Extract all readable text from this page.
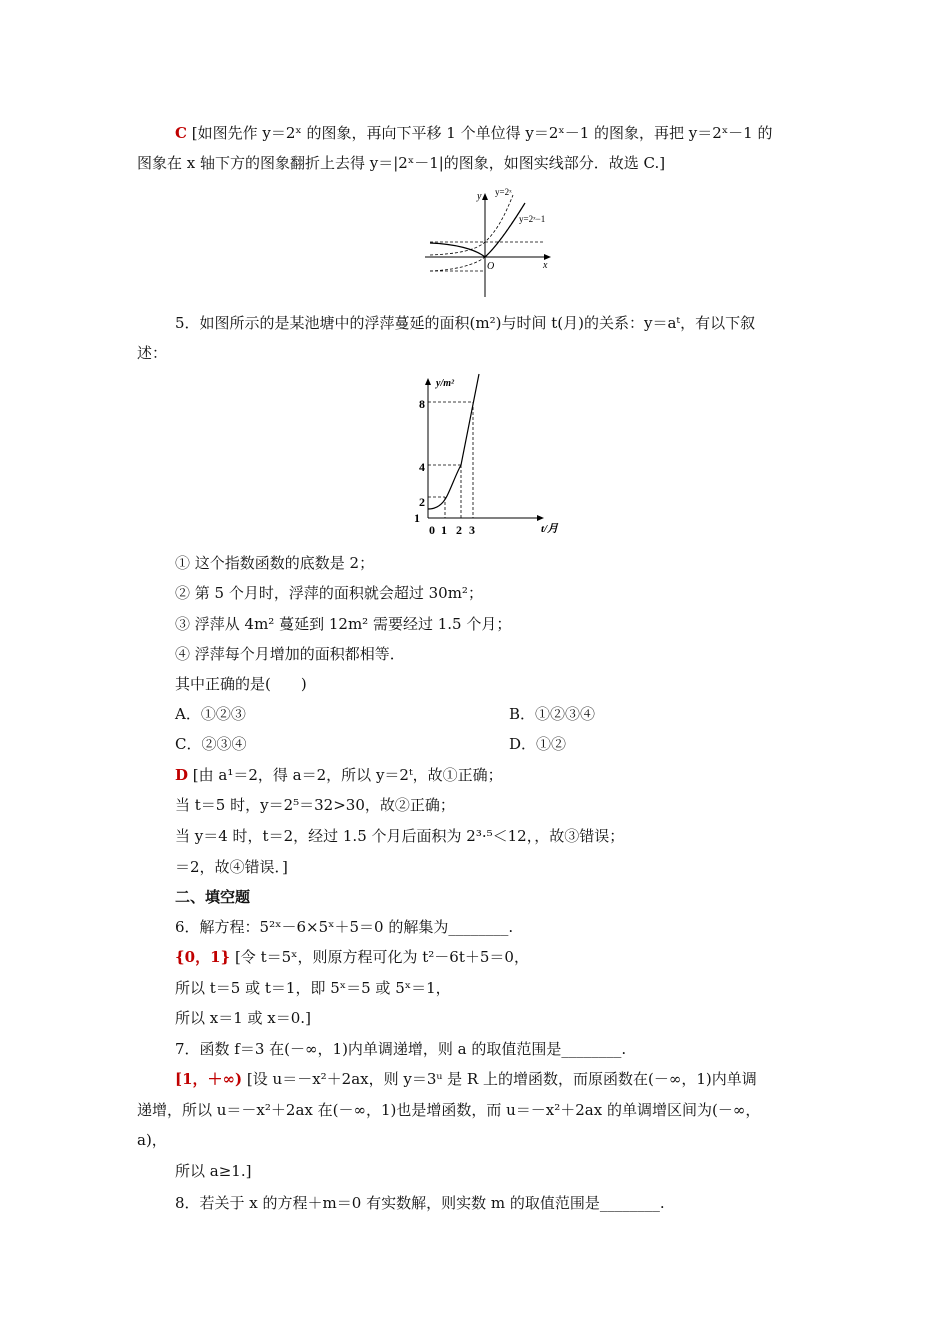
C [如图先作 y＝2ˣ 的图象，再向下平移 1 个单位得 y＝2ˣ－1 的图象，再把 y＝2ˣ－1 的
图象在 x 轴下方的图象翻折上去得 y＝|2ˣ－1|的图象，如图实线部分．故选 C.]
y
x
O
y=2ˣ
y=2ˣ−1
5．如图所示的是某池塘中的浮萍蔓延的面积(m²)与时间 t(月)的关系：y＝aᵗ，有以下叙
述：
y/m²
t/月
1
2
4
8
0 1 2 3
① 这个指数函数的底数是 2；
② 第 5 个月时，浮萍的面积就会超过 30m²；
③ 浮萍从 4m² 蔓延到 12m² 需要经过 1.5 个月；
④ 浮萍每个月增加的面积都相等．
其中正确的是(　　)
A．①②③	B．①②③④
C．②③④	D．①②
D [由 a¹＝2，得 a＝2，所以 y＝2ᵗ，故①正确；
当 t＝5 时，y＝2⁵＝32>30，故②正确；
当 y＝4 时，t＝2，经过 1.5 个月后面积为 2³·⁵＜12，，故③错误；
＝2，故④错误．]
二、填空题
6．解方程：5²ˣ－6×5ˣ＋5＝0 的解集为________.
{0，1} [令 t＝5ˣ，则原方程可化为 t²－6t＋5＝0，
所以 t＝5 或 t＝1，即 5ˣ＝5 或 5ˣ＝1，
所以 x＝1 或 x＝0.]
7．函数 f＝3 在(－∞，1)内单调递增，则 a 的取值范围是________.
[1，＋∞) [设 u＝－x²＋2ax，则 y＝3ᵘ 是 R 上的增函数，而原函数在(－∞，1)内单调
递增，所以 u＝－x²＋2ax 在(－∞，1)也是增函数，而 u＝－x²＋2ax 的单调增区间为(－∞，
a)，
所以 a≥1.]
8．若关于 x 的方程＋m＝0 有实数解，则实数 m 的取值范围是________.
